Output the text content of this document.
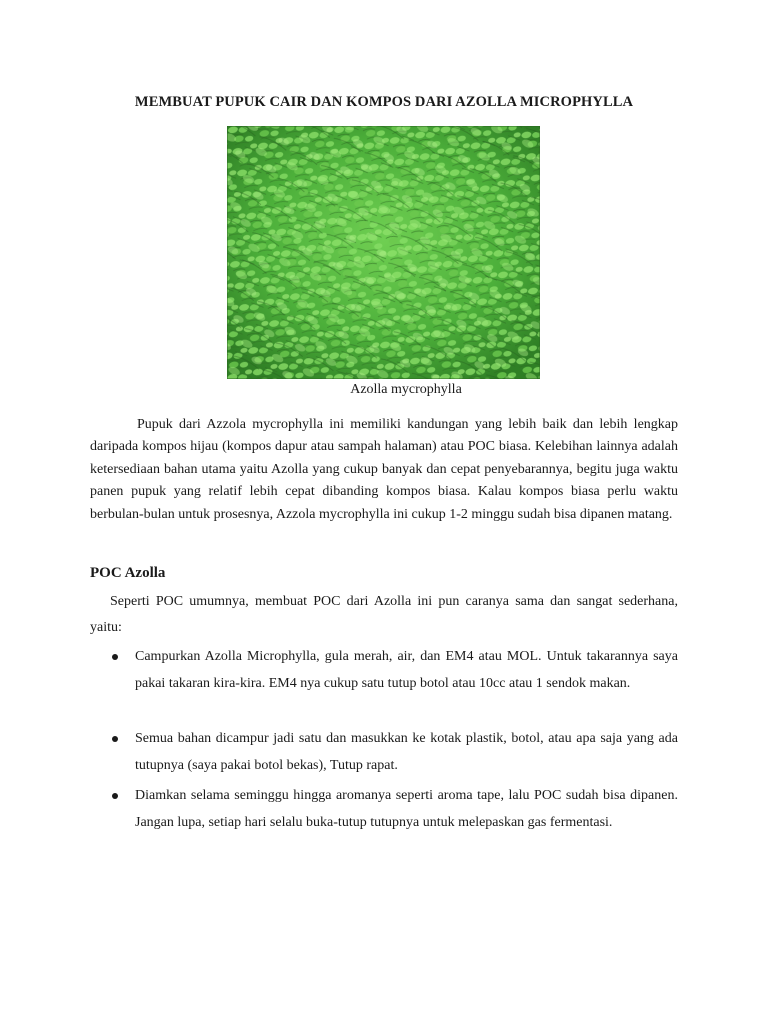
MEMBUAT PUPUK CAIR DAN KOMPOS DARI AZOLLA MICROPHYLLA
Azolla mycrophylla

Pupuk dari Azzola mycrophylla ini memiliki kandungan yang lebih baik dan lebih lengkap daripada kompos hijau (kompos dapur atau sampah halaman) atau POC biasa. Kelebihan lainnya adalah ketersediaan bahan utama yaitu Azolla yang cukup banyak dan cepat penyebarannya, begitu juga waktu panen pupuk yang relatif lebih cepat dibanding kompos biasa. Kalau kompos biasa perlu waktu berbulan-bulan untuk prosesnya, Azzola mycrophylla ini cukup 1-2 minggu sudah bisa dipanen matang.

POC Azolla

Seperti POC umumnya, membuat POC dari Azolla ini pun caranya sama dan sangat sederhana, yaitu:

Campurkan Azolla Microphylla, gula merah, air, dan EM4 atau MOL. Untuk takarannya saya pakai takaran kira-kira. EM4 nya cukup satu tutup botol atau 10cc atau 1 sendok makan.
Semua bahan dicampur jadi satu dan masukkan ke kotak plastik, botol, atau apa saja yang ada tutupnya (saya pakai botol bekas), Tutup rapat.
Diamkan selama seminggu hingga aromanya seperti aroma tape, lalu POC sudah bisa dipanen. Jangan lupa, setiap hari selalu buka-tutup tutupnya untuk melepaskan gas fermentasi.
